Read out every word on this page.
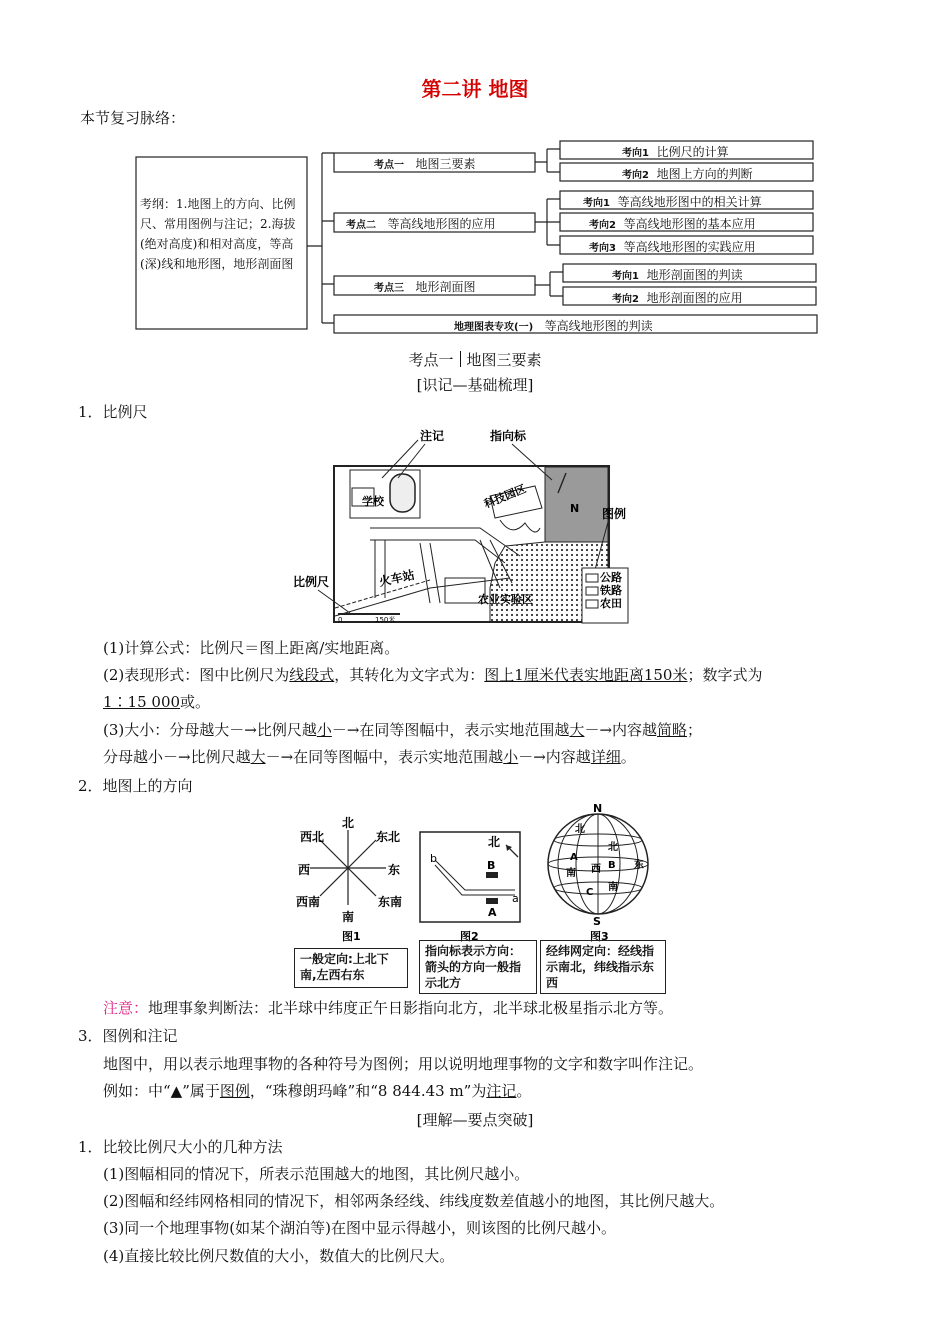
第二讲 地图
本节复习脉络：
考纲：1.地图上的方向、比例尺、常用图例与注记；2.海拔(绝对高度)和相对高度，等高(深)线和地形图，地形剖面图
考点一 地图三要素
考点二 等高线地形图的应用
考点三 地形剖面图
地理图表专攻(一) 等高线地形图的判读
考向1 比例尺的计算
考向2 地图上方向的判断
考向1 等高线地形图中的相关计算
考向2 等高线地形图的基本应用
考向3 等高线地形图的实践应用
考向1 地形剖面图的判读
考向2 地形剖面图的应用
考点一 地图三要素
[识记—基础梳理]
1．比例尺
N
学校	科技园区
注记	指向标
图例
公路
铁路
农田
比例尺	火车站
农业实验区
0	150米
(1)计算公式：比例尺＝图上距离/实地距离。
(2)表现形式：图中比例尺为线段式，其转化为文字式为：图上1厘米代表实地距离150米；数字式为
1∶15 000或。
(3)大小：分母越大－→比例尺越小－→在同等图幅中，表示实地范围越大－→内容越简略；
分母越小－→比例尺越大－→在同等图幅中，表示实地范围越小－→内容越详细。
2．地图上的方向
北
南
东
西
东北
西北
东南
西南
图1
b
a
北
B
A
图2
N
S
北
北
A
南 西 B 东
南
C
图3
一般定向:上北下南,左西右东
指向标表示方向：箭头的方向一般指示北方
经纬网定向：经线指示南北，纬线指示东西
注意：地理事象判断法：北半球中纬度正午日影指向北方，北半球北极星指示北方等。
3．图例和注记
地图中，用以表示地理事物的各种符号为图例；用以说明地理事物的文字和数字叫作注记。
例如：中“▲”属于图例，“珠穆朗玛峰”和“8 844.43 m”为注记。
[理解—要点突破]
1．比较比例尺大小的几种方法
(1)图幅相同的情况下，所表示范围越大的地图，其比例尺越小。
(2)图幅和经纬网格相同的情况下，相邻两条经线、纬线度数差值越小的地图，其比例尺越大。
(3)同一个地理事物(如某个湖泊等)在图中显示得越小，则该图的比例尺越小。
(4)直接比较比例尺数值的大小，数值大的比例尺大。
